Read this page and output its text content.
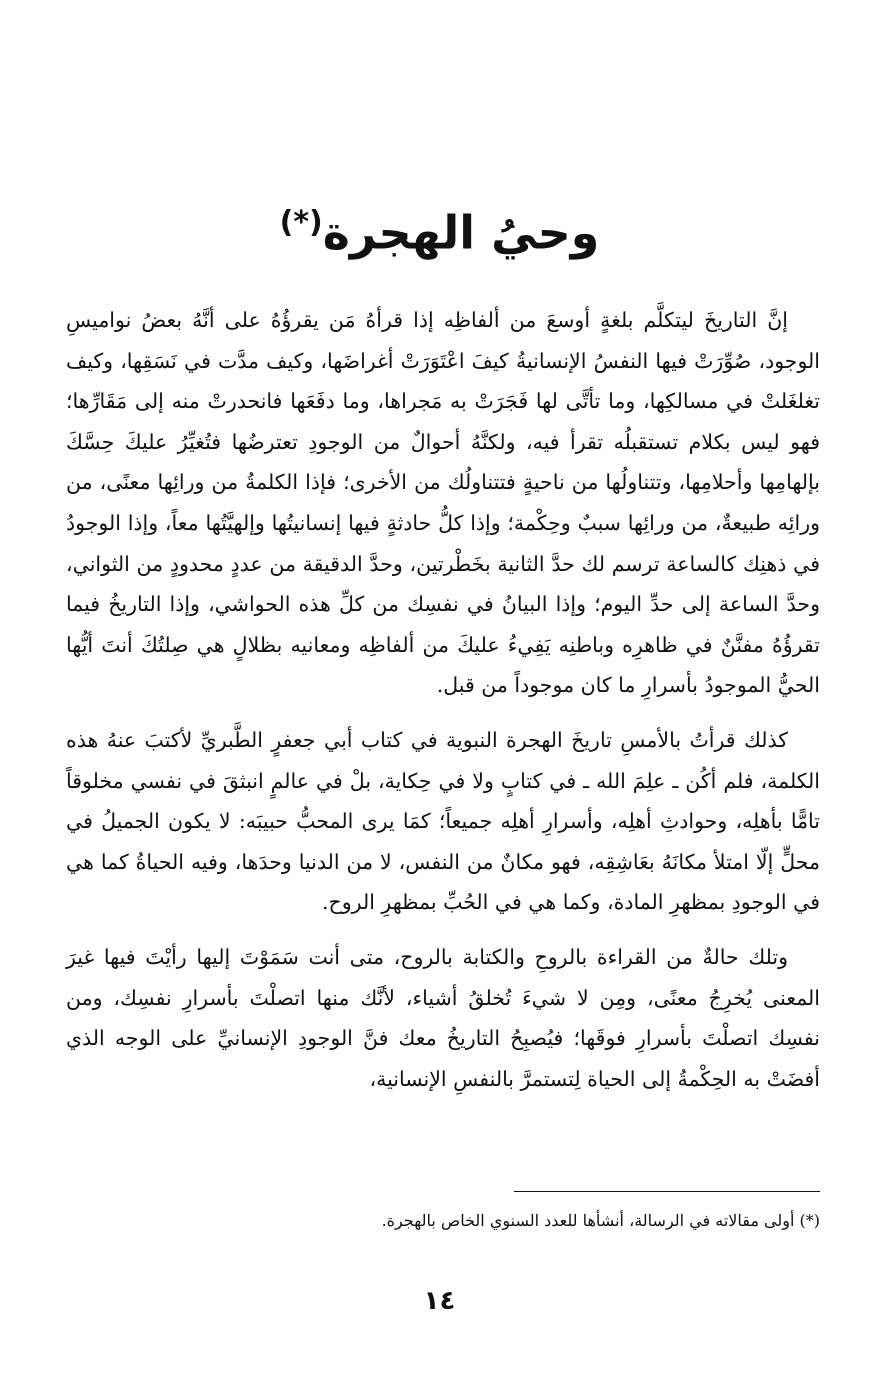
وحيُ الهجرة(*)

إنَّ التاريخَ ليتكلَّم بلغةٍ أوسعَ من ألفاظِه إذا قرأهُ مَن يقرؤُهُ على أنَّهُ بعضُ نواميسِ الوجود، صُوِّرَتْ فيها النفسُ الإنسانيةُ كيفَ اعْتَوَرَتْ أغراضَها، وكيف مدَّت في نَسَقِها، وكيف تغلغَلتْ في مسالكِها، وما تأتَّى لها فَجَرَتْ به مَجراها، وما دفَعَها فانحدرتْ منه إلى مَقَارِّها؛ فهو ليس بكلام تستقبلُه تقرأ فيه، ولكنَّهُ أحوالٌ من الوجودِ تعترضُها فتُغيِّرُ عليكَ حِسَّكَ بإلهامِها وأحلامِها، وتتناولُها من ناحيةٍ فتتناولُك من الأخرى؛ فإذا الكلمةُ من ورائِها معنًى، من ورائِه طبيعةٌ، من ورائِها سببٌ وحِكْمة؛ وإذا كلُّ حادثةٍ فيها إنسانيتُها وإلهيَّتُها معاً، وإذا الوجودُ في ذهنِك كالساعة ترسم لك حدَّ الثانية بخَطْرتين، وحدَّ الدقيقة من عددٍ محدودٍ من الثواني، وحدَّ الساعة إلى حدِّ اليوم؛ وإذا البيانُ في نفسِك من كلِّ هذه الحواشي، وإذا التاريخُ فيما تقرؤُهُ مفنَّنٌ في ظاهرِه وباطنِه يَفِيءُ عليكَ من ألفاظِه ومعانيه بظلالٍ هي صِلتُكَ أنتَ أيُّها الحيُّ الموجودُ بأسرارِ ما كان موجوداً من قبل.

كذلك قرأتُ بالأمسِ تاريخَ الهجرة النبوية في كتاب أبي جعفرٍ الطَّبريِّ لأكتبَ عنهُ هذه الكلمة، فلم أكُن ـ علِمَ الله ـ في كتابٍ ولا في حِكاية، بلْ في عالمٍ انبثقَ في نفسي مخلوقاً تامًّا بأهلِه، وحوادثِ أهلِه، وأسرارِ أهلِه جميعاً؛ كمَا يرى المحبُّ حبيبَه: لا يكون الجميلُ في محلٍّ إلّا امتلأ مكانَهُ بعَاشِقِه، فهو مكانٌ من النفس، لا من الدنيا وحدَها، وفيه الحياةُ كما هي في الوجودِ بمظهرِ المادة، وكما هي في الحُبِّ بمظهرِ الروح.

وتلك حالةٌ من القراءة بالروحِ والكتابة بالروح، متى أنت سَمَوْتَ إليها رأيْتَ فيها غيرَ المعنى يُخرِجُ معنًى، ومِن لا شيءَ تُخلقُ أشياء، لأنَّك منها اتصلْتَ بأسرارِ نفسِك، ومن نفسِك اتصلْتَ بأسرارِ فوقَها؛ فيُصبِحُ التاريخُ معك فنَّ الوجودِ الإنسانيِّ على الوجه الذي أفضَتْ به الحِكْمةُ إلى الحياة لِتستمرَّ بالنفسِ الإنسانية،

(*) أولى مقالاته في الرسالة، أنشأها للعدد السنوي الخاص بالهجرة.

١٤
